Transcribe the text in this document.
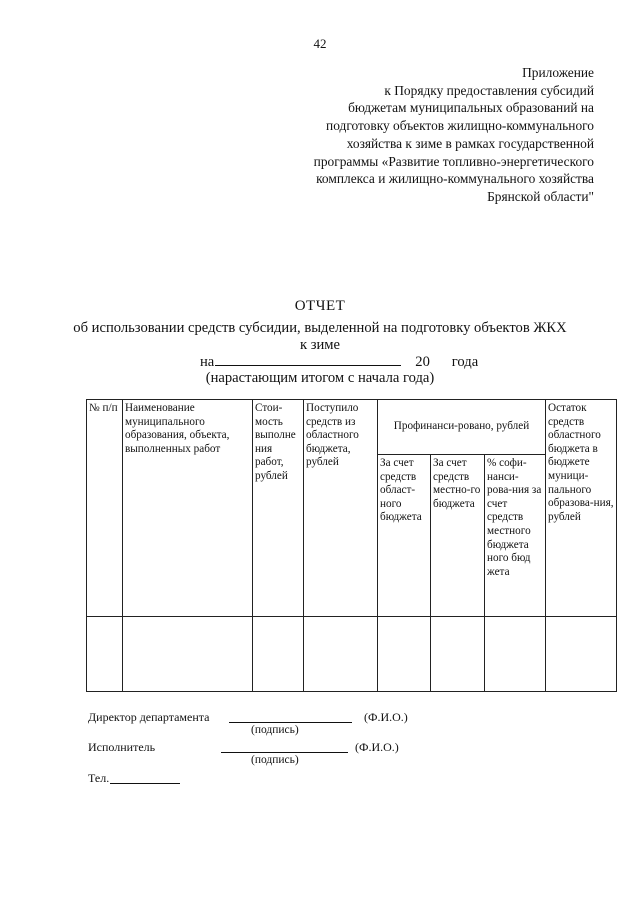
42
Приложение
к Порядку предоставления субсидий
бюджетам муниципальных образований на
подготовку объектов жилищно-коммунального
хозяйства к зиме в рамках государственной
программы «Развитие топливно-энергетического
комплекса и жилищно-коммунального хозяйства
Брянской области"
ОТЧЕТ
об использовании средств субсидии, выделенной на подготовку объектов ЖКХ
к зиме
на	20 года
(нарастающим итогом с начала года)
№ п/п	Наименование муниципального образования, объекта, выполненных работ	Стои-мость выполне ния работ, рублей	Поступило средств из областного бюджета, рублей	Профинанси-ровано, рублей			Остаток средств областного бюджета в бюджете муници-пального образова-ния, рублей
				За счет средств област-ного бюджета	За счет средств местно-го бюджета	% софи-нанси-рова-ния за счет средств местного бюджета ного бюд жета	

Директор департамента	(Ф.И.О.)
(подпись)
Исполнитель	(Ф.И.О.)
(подпись)
Тел.
